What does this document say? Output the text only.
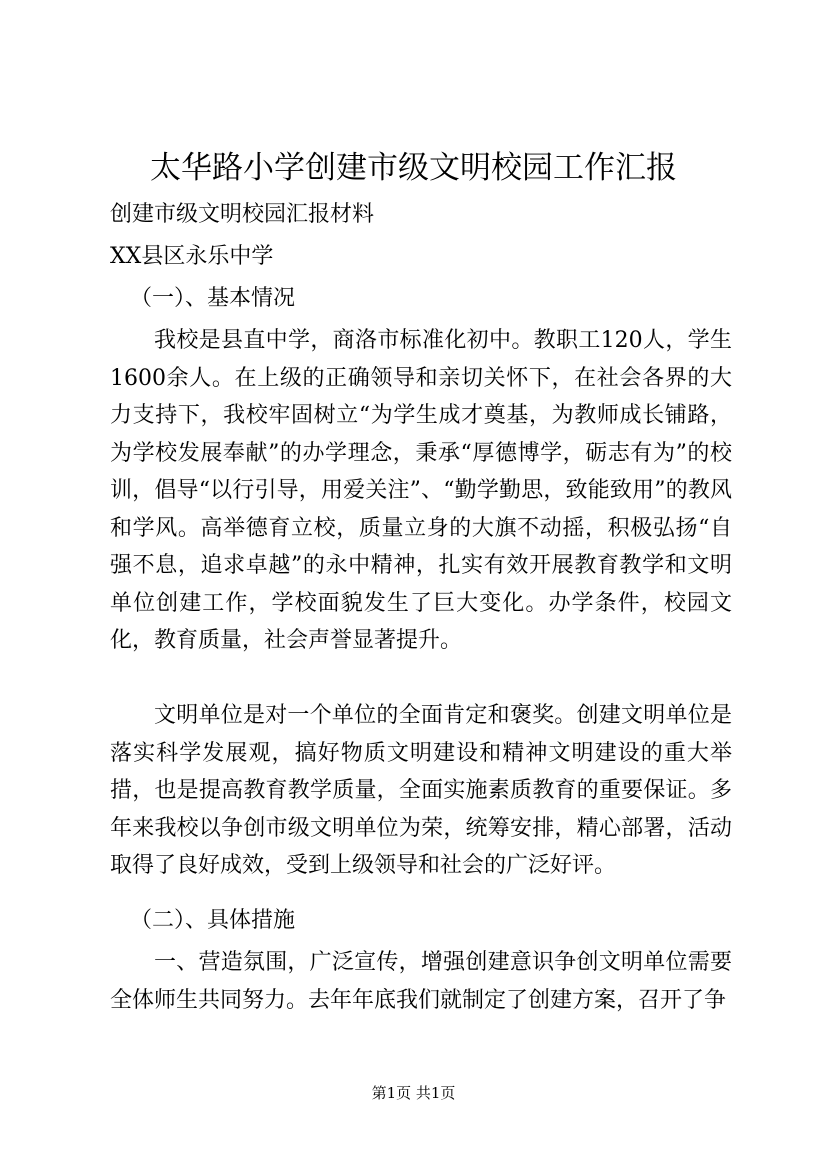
太华路小学创建市级文明校园工作汇报

创建市级文明校园汇报材料

XX县区永乐中学

（一）、基本情况

我校是县直中学，商洛市标准化初中。教职工120人，学生1600余人。在上级的正确领导和亲切关怀下，在社会各界的大力支持下，我校牢固树立“为学生成才奠基，为教师成长铺路，为学校发展奉献”的办学理念，秉承“厚德博学，砺志有为”的校训，倡导“以行引导，用爱关注”、“勤学勤思，致能致用”的教风和学风。高举德育立校，质量立身的大旗不动摇，积极弘扬“自强不息，追求卓越”的永中精神，扎实有效开展教育教学和文明单位创建工作，学校面貌发生了巨大变化。办学条件，校园文化，教育质量，社会声誉显著提升。

文明单位是对一个单位的全面肯定和褒奖。创建文明单位是落实科学发展观，搞好物质文明建设和精神文明建设的重大举措，也是提高教育教学质量，全面实施素质教育的重要保证。多年来我校以争创市级文明单位为荣，统筹安排，精心部署，活动取得了良好成效，受到上级领导和社会的广泛好评。

（二）、具体措施

一、营造氛围，广泛宣传，增强创建意识争创文明单位需要全体师生共同努力。去年年底我们就制定了创建方案，召开了争

第1页 共1页
